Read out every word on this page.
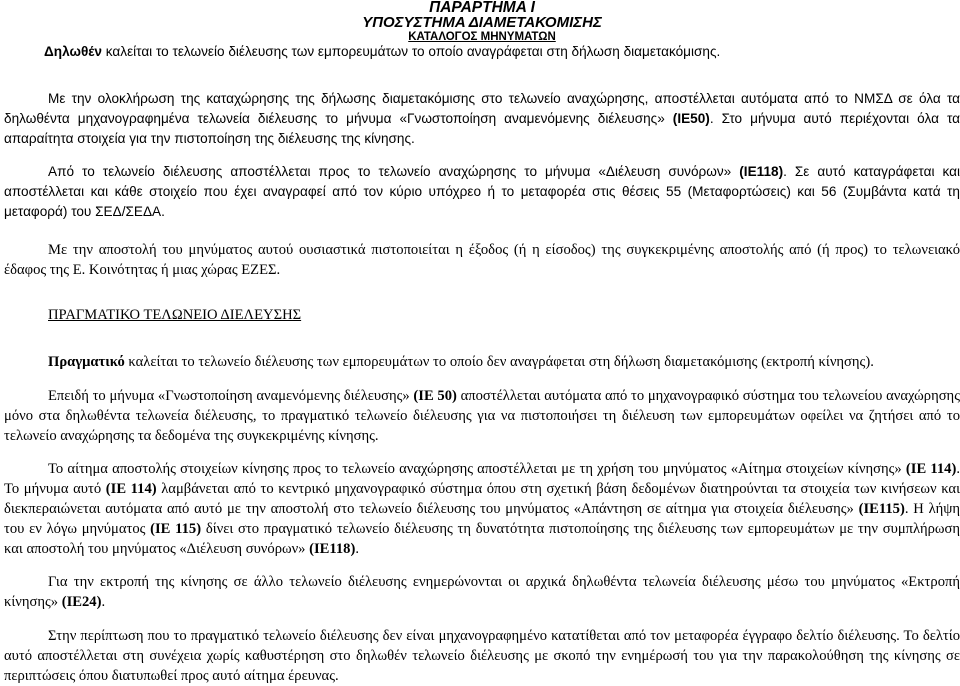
ΠΑΡΑΡΤΗΜΑ Ι
ΥΠΟΣΥΣΤΗΜΑ ΔΙΑΜΕΤΑΚΟΜΙΣΗΣ
ΚΑΤΑΛΟΓΟΣ ΜΗΝΥΜΑΤΩΝ

Δηλωθέν καλείται το τελωνείο διέλευσης των εμπορευμάτων το οποίο αναγράφεται στη δήλωση διαμετακόμισης.

Με την ολοκλήρωση της καταχώρησης της δήλωσης διαμετακόμισης στο τελωνείο αναχώρησης, αποστέλλεται αυτόματα από το ΝΜΣΔ σε όλα τα δηλωθέντα μηχανογραφημένα τελωνεία διέλευσης το μήνυμα «Γνωστοποίηση αναμενόμενης διέλευσης» (IE50). Στο μήνυμα αυτό περιέχονται όλα τα απαραίτητα στοιχεία για την πιστοποίηση της διέλευσης της κίνησης.

Από το τελωνείο διέλευσης αποστέλλεται προς το τελωνείο αναχώρησης το μήνυμα «Διέλευση συνόρων» (IE118). Σε αυτό καταγράφεται και αποστέλλεται και κάθε στοιχείο που έχει αναγραφεί από τον κύριο υπόχρεο ή το μεταφορέα στις θέσεις 55 (Μεταφορτώσεις) και 56 (Συμβάντα κατά τη μεταφορά) του ΣΕΔ/ΣΕΔΑ.

Με την αποστολή του μηνύματος αυτού ουσιαστικά πιστοποιείται η έξοδος (ή η είσοδος) της συγκεκριμένης αποστολής από (ή προς) το τελωνειακό έδαφος της Ε. Κοινότητας ή μιας χώρας ΕΖΕΣ.

ΠΡΑΓΜΑΤΙΚΟ ΤΕΛΩΝΕΙΟ ΔΙΕΛΕΥΣΗΣ

Πραγματικό καλείται το τελωνείο διέλευσης των εμπορευμάτων το οποίο δεν αναγράφεται στη δήλωση διαμετακόμισης (εκτροπή κίνησης).

Επειδή το μήνυμα «Γνωστοποίηση αναμενόμενης διέλευσης» (IE 50) αποστέλλεται αυτόματα από το μηχανογραφικό σύστημα του τελωνείου αναχώρησης μόνο στα δηλωθέντα τελωνεία διέλευσης, το πραγματικό τελωνείο διέλευσης για να πιστοποιήσει τη διέλευση των εμπορευμάτων οφείλει να ζητήσει από το τελωνείο αναχώρησης τα δεδομένα της συγκεκριμένης κίνησης.

Το αίτημα αποστολής στοιχείων κίνησης προς το τελωνείο αναχώρησης αποστέλλεται με τη χρήση του μηνύματος «Αίτημα στοιχείων κίνησης» (IE 114). Το μήνυμα αυτό (IE 114) λαμβάνεται από το κεντρικό μηχανογραφικό σύστημα όπου στη σχετική βάση δεδομένων διατηρούνται τα στοιχεία των κινήσεων και διεκπεραιώνεται αυτόματα από αυτό με την αποστολή στο τελωνείο διέλευσης του μηνύματος «Απάντηση σε αίτημα για στοιχεία διέλευσης» (IE115). Η λήψη του εν λόγω μηνύματος (IE 115) δίνει στο πραγματικό τελωνείο διέλευσης τη δυνατότητα πιστοποίησης της διέλευσης των εμπορευμάτων με την συμπλήρωση και αποστολή του μηνύματος «Διέλευση συνόρων» (IE118).

Για την εκτροπή της κίνησης σε άλλο τελωνείο διέλευσης ενημερώνονται οι αρχικά δηλωθέντα τελωνεία διέλευσης μέσω του μηνύματος «Εκτροπή κίνησης» (IE24).

Στην περίπτωση που το πραγματικό τελωνείο διέλευσης δεν είναι μηχανογραφημένο κατατίθεται από τον μεταφορέα έγγραφο δελτίο διέλευσης. Το δελτίο αυτό αποστέλλεται στη συνέχεια χωρίς καθυστέρηση στο δηλωθέν τελωνείο διέλευσης με σκοπό την ενημέρωσή του για την παρακολούθηση της κίνησης σε περιπτώσεις όπου διατυπωθεί προς αυτό αίτημα έρευνας.
